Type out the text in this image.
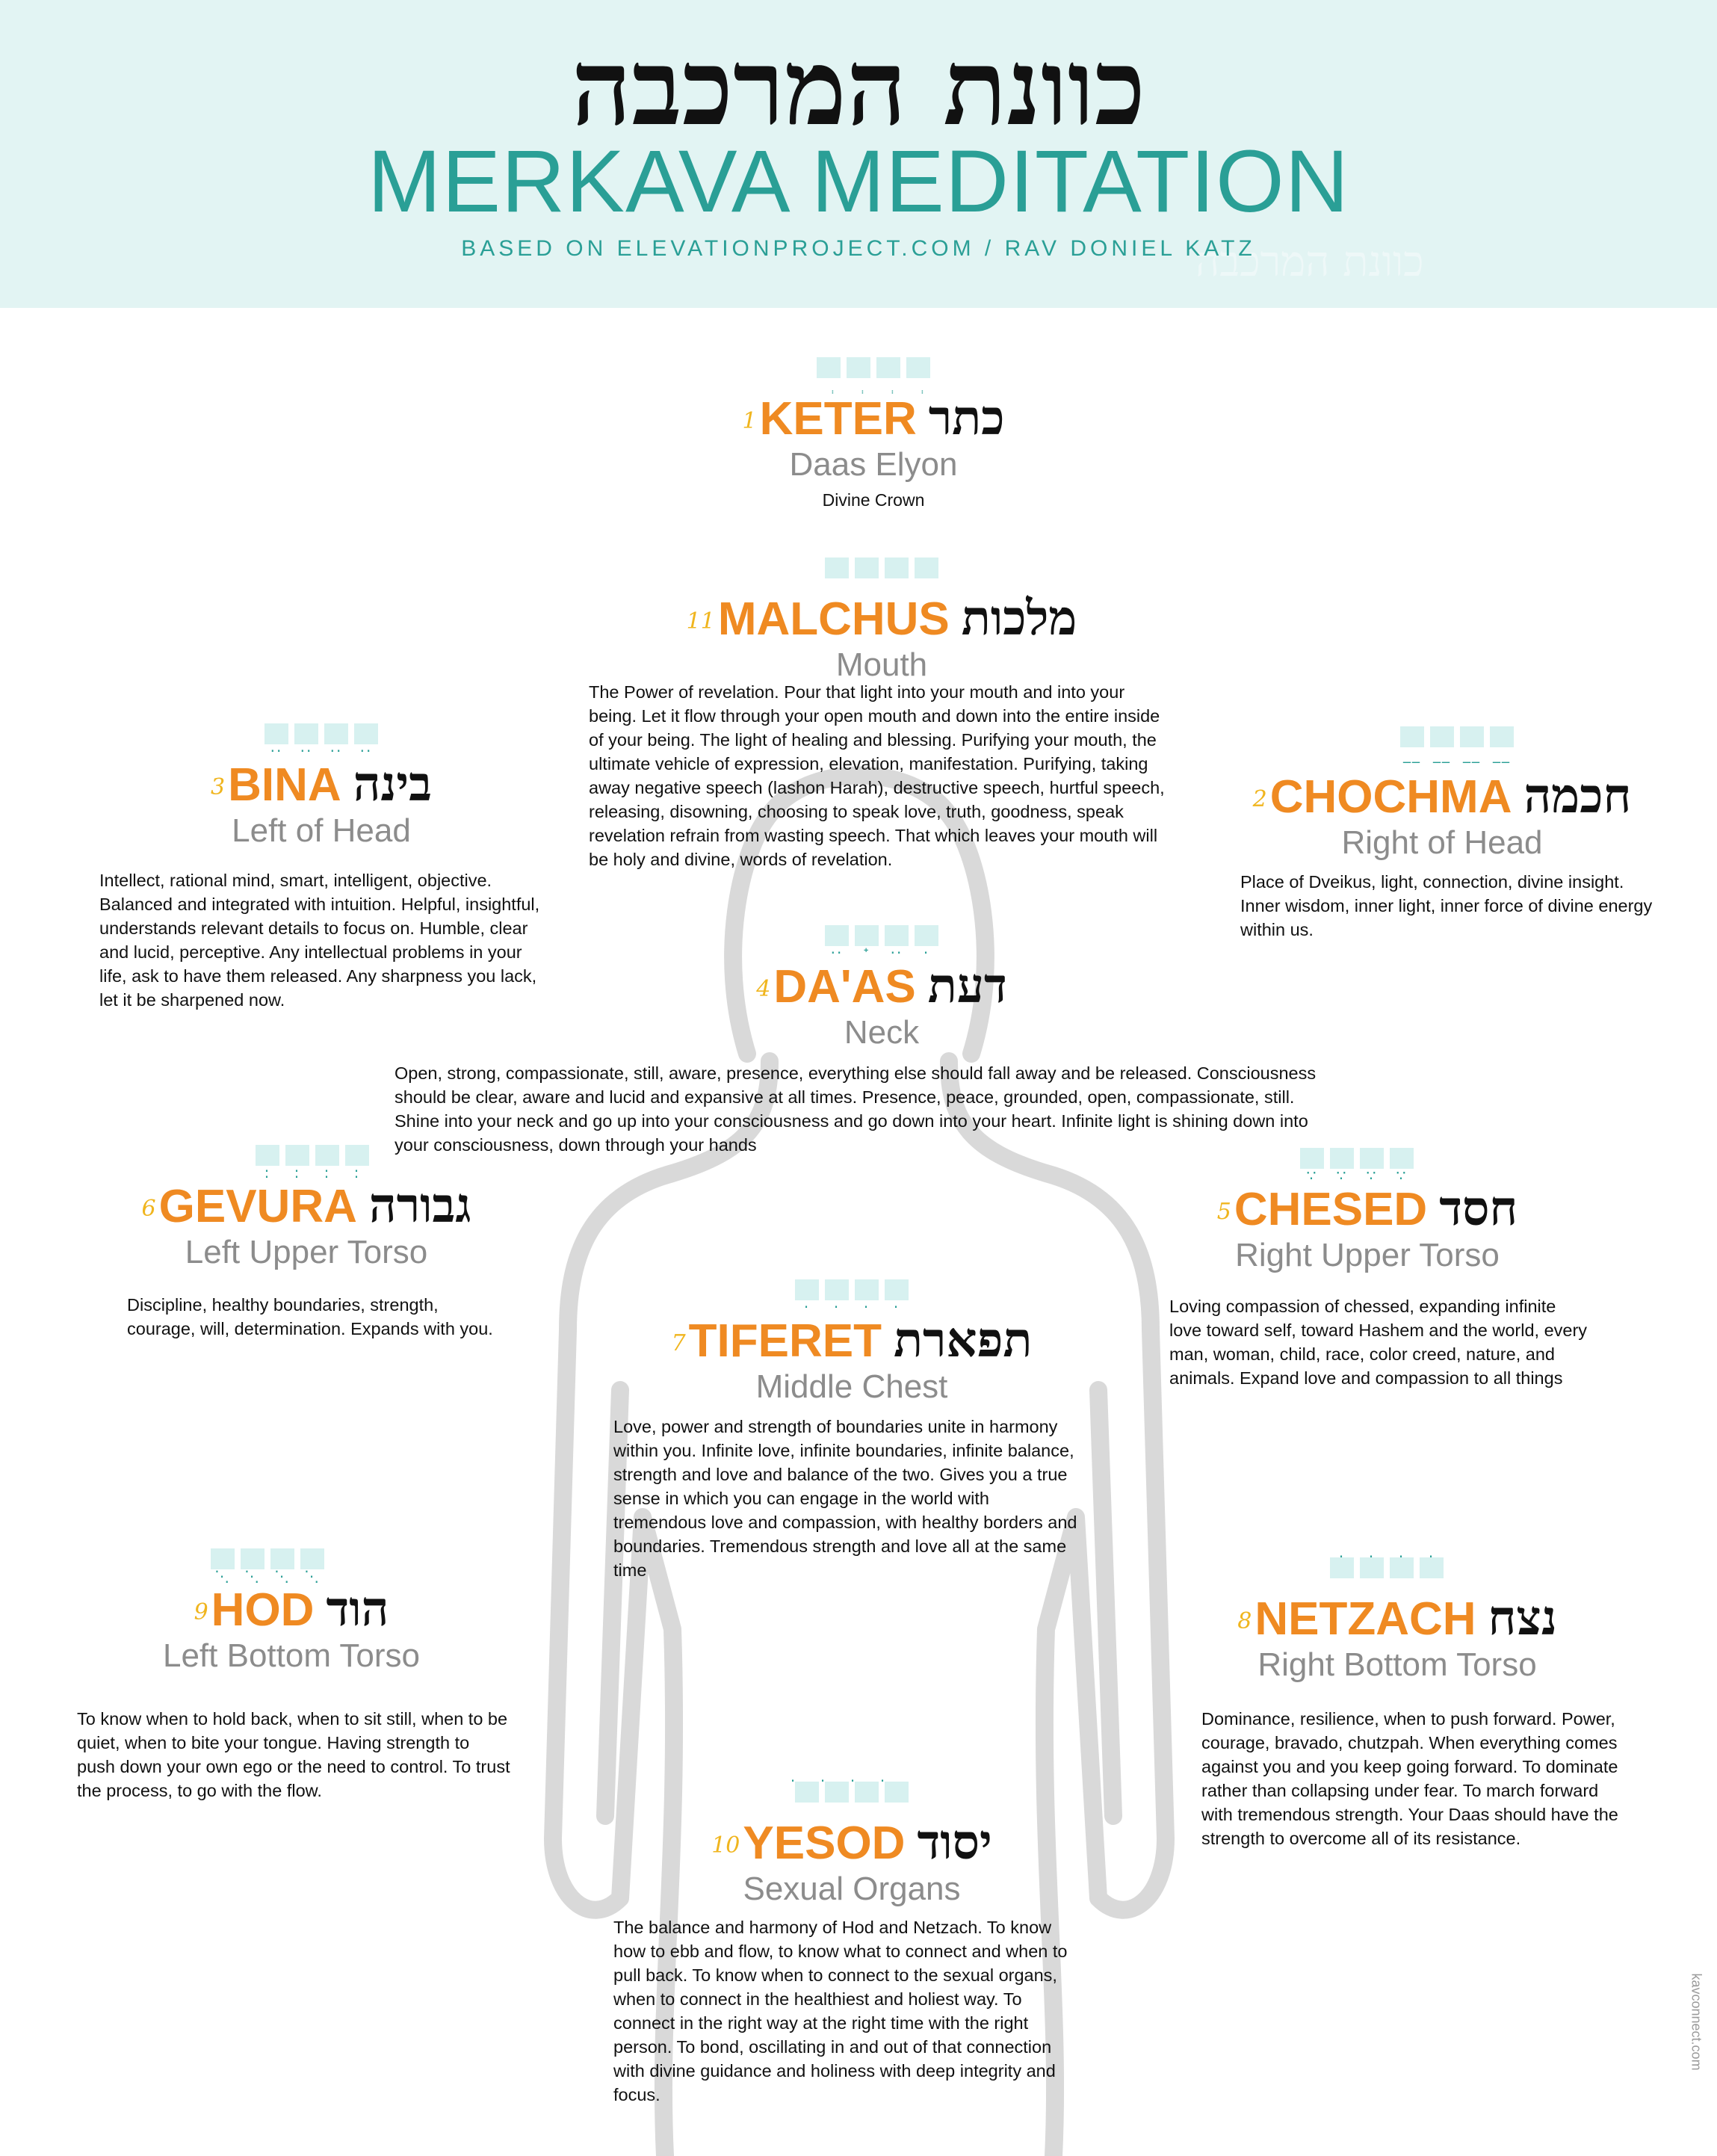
כוונת המרכבה
כוונת המרכבה
MERKAVA MEDITATION
BASED ON ELEVATIONPROJECT.COM / RAV DONIEL KATZ
ְ	ְ	ְ	ְ
1KETER כתר
Daas Elyon
Divine Crown
11MALCHUS מלכות
Mouth
The Power of revelation. Pour that light into your mouth and into your being. Let it flow through your open mouth and down into the entire inside of your being. The light of healing and blessing. Purifying your mouth, the ultimate vehicle of expression, elevation, manifestation. Purifying, taking away negative speech (lashon Harah), destructive speech, hurtful speech, releasing, disowning, choosing to speak love, truth, goodness, speak revelation refrain from wasting speech. That which leaves your mouth will be holy and divine, words of revelation.
··	··	··	··
3BINA בינה
Left of Head
Intellect, rational mind, smart, intelligent, objective. Balanced and integrated with intuition. Helpful, insightful, understands relevant details to focus on. Humble, clear and lucid, perceptive. Any intellectual problems in your life, ask to have them released. Any sharpness you lack, let it be sharpened now.
__ __ __ __
2CHOCHMA חכמה
Right of Head
Place of Dveikus, light, connection, divine insight. Inner wisdom, inner light, inner force of divine energy within us.
··	ᐩ	··	·
4DA'AS דעת
Neck
Open, strong, compassionate, still, aware, presence, everything else should fall away and be released. Consciousness should be clear, aware and lucid and expansive at all times. Presence, peace, grounded, open, compassionate, still. Shine into your neck and go up into your consciousness and go down into your heart. Infinite light is shining down into your consciousness, down through your hands
:	:	:	:
6GEVURA גבורה
Left Upper Torso
Discipline, healthy boundaries, strength, courage, will, determination. Expands with you.
∵	∵	∵	∵
5CHESED חסד
Right Upper Torso
Loving compassion of chessed, expanding infinite love toward self, toward Hashem and the world, every man, woman, child, race, color creed, nature, and animals. Expand love and compassion to all things
·	·	·	·
7TIFERET תפארת
Middle Chest
Love, power and strength of boundaries unite in harmony within you. Infinite love, infinite boundaries, infinite balance, strength and love and balance of the two. Gives you a true sense in which you can engage in the world with tremendous love and compassion, with healthy borders and boundaries. Tremendous strength and love all at the same time
⋱ ⋱ ⋱ ⋱
9HOD הוד
Left Bottom Torso
To know when to hold back, when to sit still, when to be quiet, when to bite your tongue. Having strength to push down your own ego or the need to control. To trust the process, to go with the flow.
·	·	·	·
8NETZACH נצח
Right Bottom Torso
Dominance, resilience, when to push forward. Power, courage, bravado, chutzpah. When everything comes against you and you keep going forward. To dominate rather than collapsing under fear. To march forward with tremendous strength. Your Daas should have the strength to overcome all of its resistance.
·	·	·	·
10YESOD יסוד
Sexual Organs
The balance and harmony of Hod and Netzach. To know how to ebb and flow, to know what to connect and when to pull back. To know when to connect to the sexual organs, when to connect in the healthiest and holiest way. To connect in the right way at the right time with the right person. To bond, oscillating in and out of that connection with divine guidance and holiness with deep integrity and focus.
kavconnect.com
